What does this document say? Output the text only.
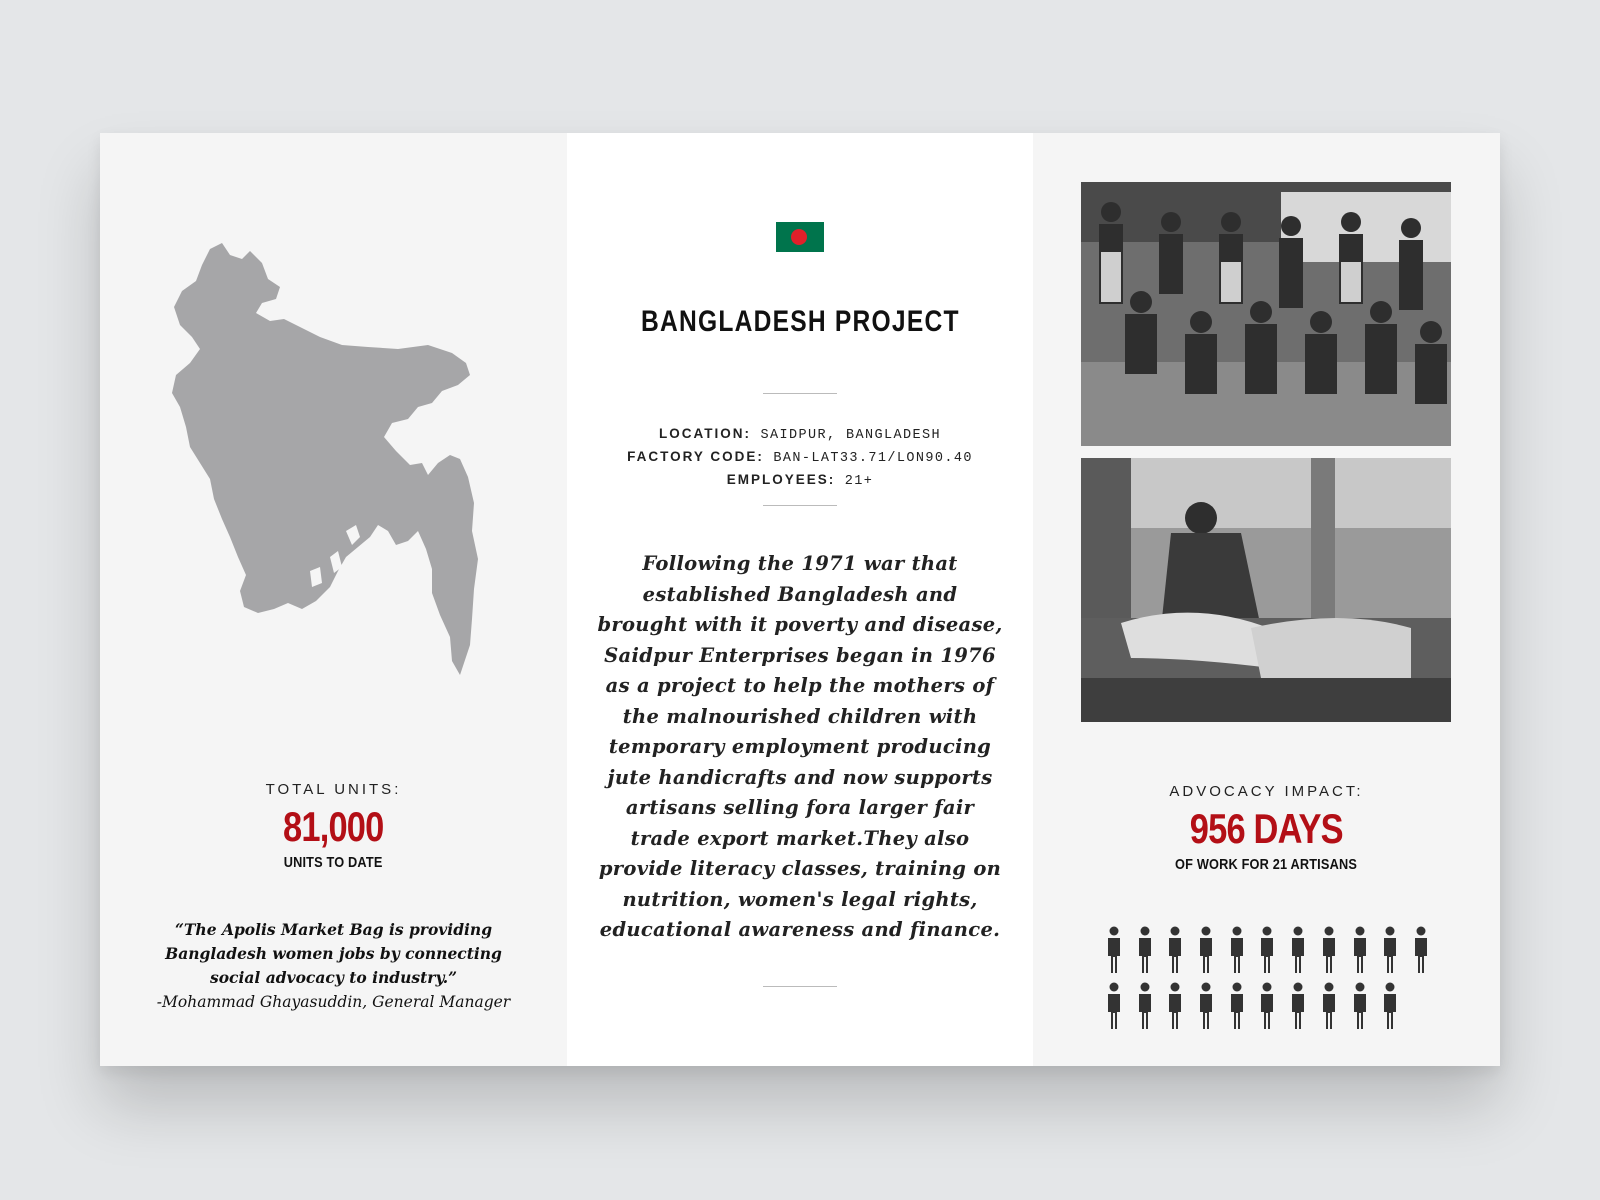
TOTAL UNITS:
81,000
UNITS TO DATE
“The Apolis Market Bag is providing Bangladesh women jobs by connecting social advocacy to industry.”
-Mohammad Ghayasuddin, General Manager
BANGLADESH PROJECT
LOCATION: SAIDPUR, BANGLADESH
FACTORY CODE: BAN-LAT33.71/LON90.40
EMPLOYEES: 21+
Following the 1971 war that established Bangladesh and brought with it poverty and disease, Saidpur Enterprises began in 1976 as a project to help the mothers of the malnourished children with temporary employment producing jute handicrafts and now supports artisans selling fora larger fair trade export market.They also provide literacy classes, training on nutrition, women's legal rights, educational awareness and finance.
ADVOCACY IMPACT:
956 DAYS
OF WORK FOR 21 ARTISANS
